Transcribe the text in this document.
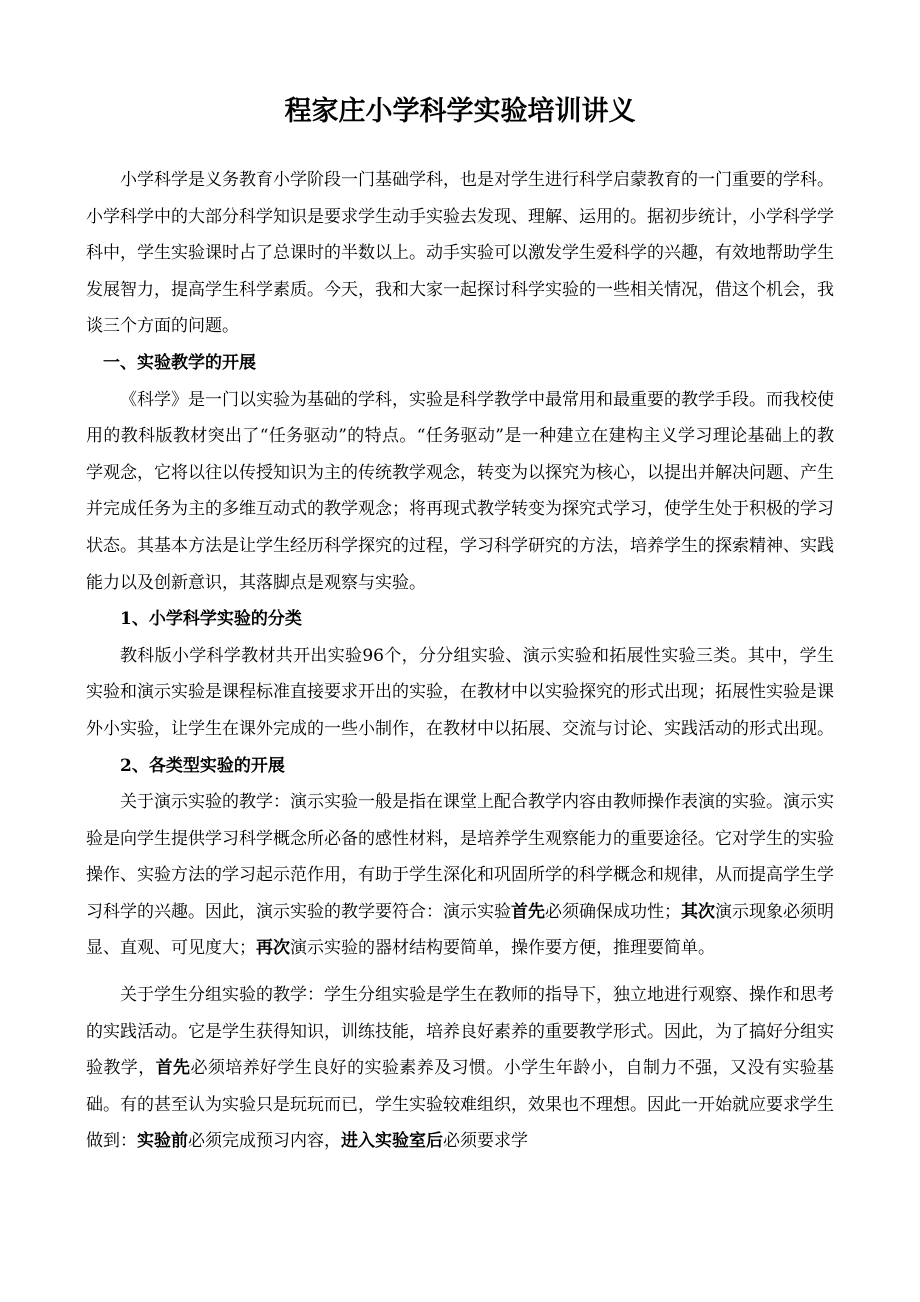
程家庄小学科学实验培训讲义

小学科学是义务教育小学阶段一门基础学科，也是对学生进行科学启蒙教育的一门重要的学科。小学科学中的大部分科学知识是要求学生动手实验去发现、理解、运用的。据初步统计，小学科学学科中，学生实验课时占了总课时的半数以上。动手实验可以激发学生爱科学的兴趣，有效地帮助学生发展智力，提高学生科学素质。今天，我和大家一起探讨科学实验的一些相关情况，借这个机会，我谈三个方面的问题。

一、实验教学的开展

《科学》是一门以实验为基础的学科，实验是科学教学中最常用和最重要的教学手段。而我校使用的教科版教材突出了“任务驱动”的特点。“任务驱动”是一种建立在建构主义学习理论基础上的教学观念，它将以往以传授知识为主的传统教学观念，转变为以探究为核心，以提出并解决问题、产生并完成任务为主的多维互动式的教学观念；将再现式教学转变为探究式学习，使学生处于积极的学习状态。其基本方法是让学生经历科学探究的过程，学习科学研究的方法，培养学生的探索精神、实践能力以及创新意识，其落脚点是观察与实验。

1、小学科学实验的分类

教科版小学科学教材共开出实验96个，分分组实验、演示实验和拓展性实验三类。其中，学生实验和演示实验是课程标准直接要求开出的实验，在教材中以实验探究的形式出现；拓展性实验是课外小实验，让学生在课外完成的一些小制作，在教材中以拓展、交流与讨论、实践活动的形式出现。

2、各类型实验的开展

关于演示实验的教学：演示实验一般是指在课堂上配合教学内容由教师操作表演的实验。演示实验是向学生提供学习科学概念所必备的感性材料，是培养学生观察能力的重要途径。它对学生的实验操作、实验方法的学习起示范作用，有助于学生深化和巩固所学的科学概念和规律，从而提高学生学习科学的兴趣。因此，演示实验的教学要符合：演示实验首先必须确保成功性；其次演示现象必须明显、直观、可见度大；再次演示实验的器材结构要简单，操作要方便，推理要简单。

关于学生分组实验的教学：学生分组实验是学生在教师的指导下，独立地进行观察、操作和思考的实践活动。它是学生获得知识，训练技能，培养良好素养的重要教学形式。因此，为了搞好分组实验教学，首先必须培养好学生良好的实验素养及习惯。小学生年龄小，自制力不强，又没有实验基础。有的甚至认为实验只是玩玩而已，学生实验较难组织，效果也不理想。因此一开始就应要求学生做到：实验前必须完成预习内容，进入实验室后必须要求学
